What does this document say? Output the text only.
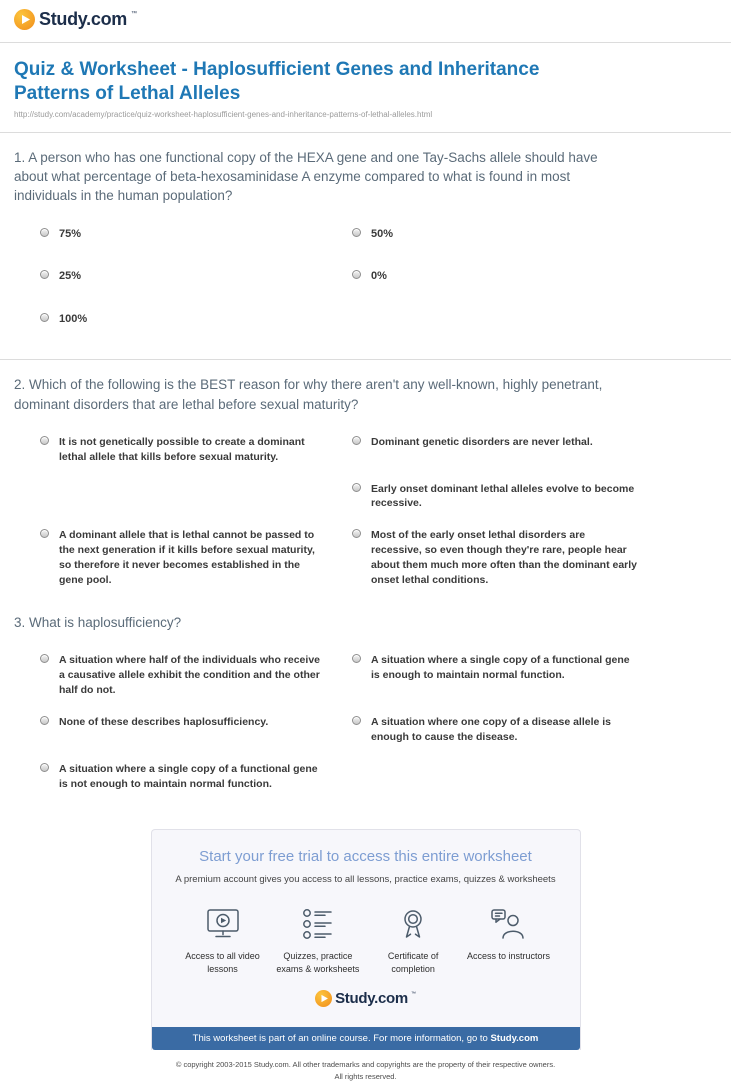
Study.com ™
Quiz & Worksheet - Haplosufficient Genes and Inheritance Patterns of Lethal Alleles
http://study.com/academy/practice/quiz-worksheet-haplosufficient-genes-and-inheritance-patterns-of-lethal-alleles.html

1. A person who has one functional copy of the HEXA gene and one Tay-Sachs allele should have about what percentage of beta-hexosaminidase A enzyme compared to what is found in most individuals in the human population?

75%	50%
25%	0%
100%

2. Which of the following is the BEST reason for why there aren't any well-known, highly penetrant, dominant disorders that are lethal before sexual maturity?

It is not genetically possible to create a dominant lethal allele that kills before sexual maturity.
Dominant genetic disorders are never lethal.
Early onset dominant lethal alleles evolve to become recessive.
A dominant allele that is lethal cannot be passed to the next generation if it kills before sexual maturity, so therefore it never becomes established in the gene pool.
Most of the early onset lethal disorders are recessive, so even though they're rare, people hear about them much more often than the dominant early onset lethal conditions.

3. What is haplosufficiency?

A situation where half of the individuals who receive a causative allele exhibit the condition and the other half do not.
A situation where a single copy of a functional gene is enough to maintain normal function.
None of these describes haplosufficiency.	A situation where one copy of a disease allele is enough to cause the disease.
A situation where a single copy of a functional gene is not enough to maintain normal function.
Start your free trial to access this entire worksheet
A premium account gives you access to all lessons, practice exams, quizzes & worksheets
Access to all video lessons
Quizzes, practice exams & worksheets
Certificate of completion
Access to instructors
Study.com ™
This worksheet is part of an online course. For more information, go to Study.com
© copyright 2003-2015 Study.com. All other trademarks and copyrights are the property of their respective owners.
All rights reserved.
